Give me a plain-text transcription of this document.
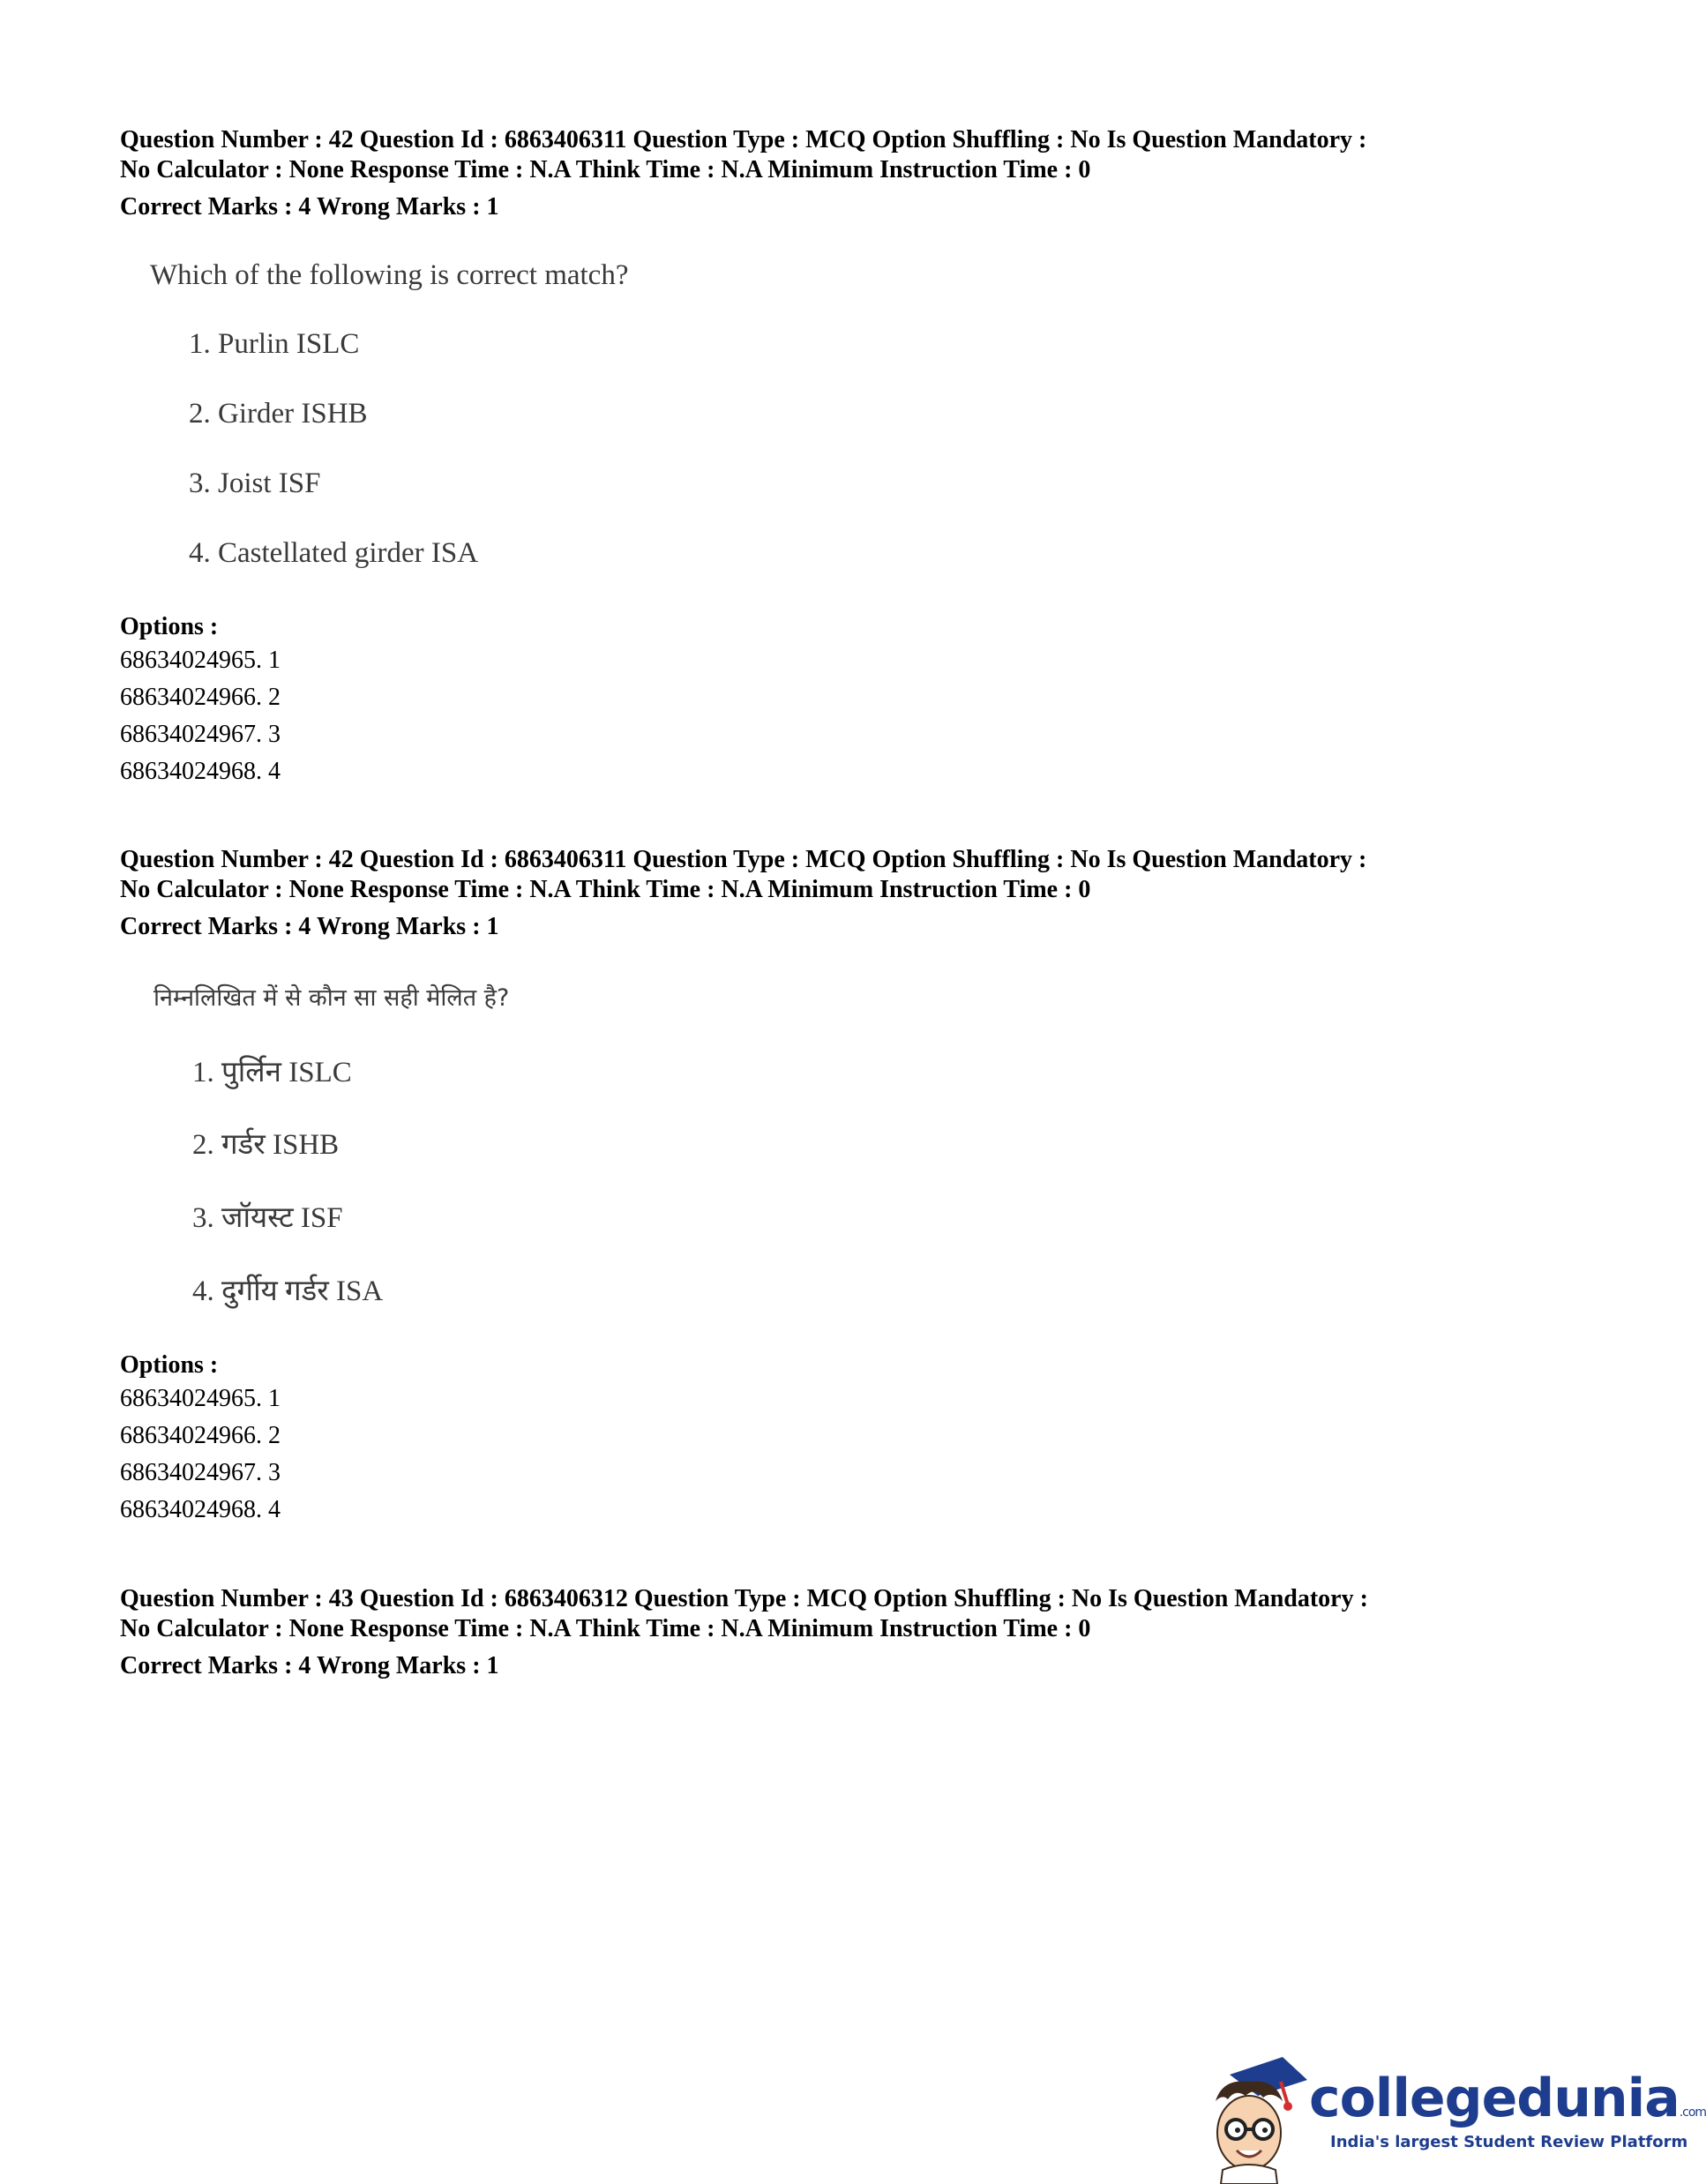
Question Number : 42 Question Id : 6863406311 Question Type : MCQ Option Shuffling : No Is Question Mandatory :
No Calculator : None Response Time : N.A Think Time : N.A Minimum Instruction Time : 0
Correct Marks : 4 Wrong Marks : 1
Which of the following is correct match?
1. Purlin ISLC
2. Girder ISHB
3. Joist ISF
4. Castellated girder ISA
Options :
68634024965. 1
68634024966. 2
68634024967. 3
68634024968. 4
Question Number : 42 Question Id : 6863406311 Question Type : MCQ Option Shuffling : No Is Question Mandatory :
No Calculator : None Response Time : N.A Think Time : N.A Minimum Instruction Time : 0
Correct Marks : 4 Wrong Marks : 1
निम्नलिखित में से कौन सा सही मेलित है?
1. पुर्लिन ISLC
2. गर्डर ISHB
3. जॉयस्ट ISF
4. दुर्गीय गर्डर ISA
Options :
68634024965. 1
68634024966. 2
68634024967. 3
68634024968. 4
Question Number : 43 Question Id : 6863406312 Question Type : MCQ Option Shuffling : No Is Question Mandatory :
No Calculator : None Response Time : N.A Think Time : N.A Minimum Instruction Time : 0
Correct Marks : 4 Wrong Marks : 1
collegedunia.com
India's largest Student Review Platform
